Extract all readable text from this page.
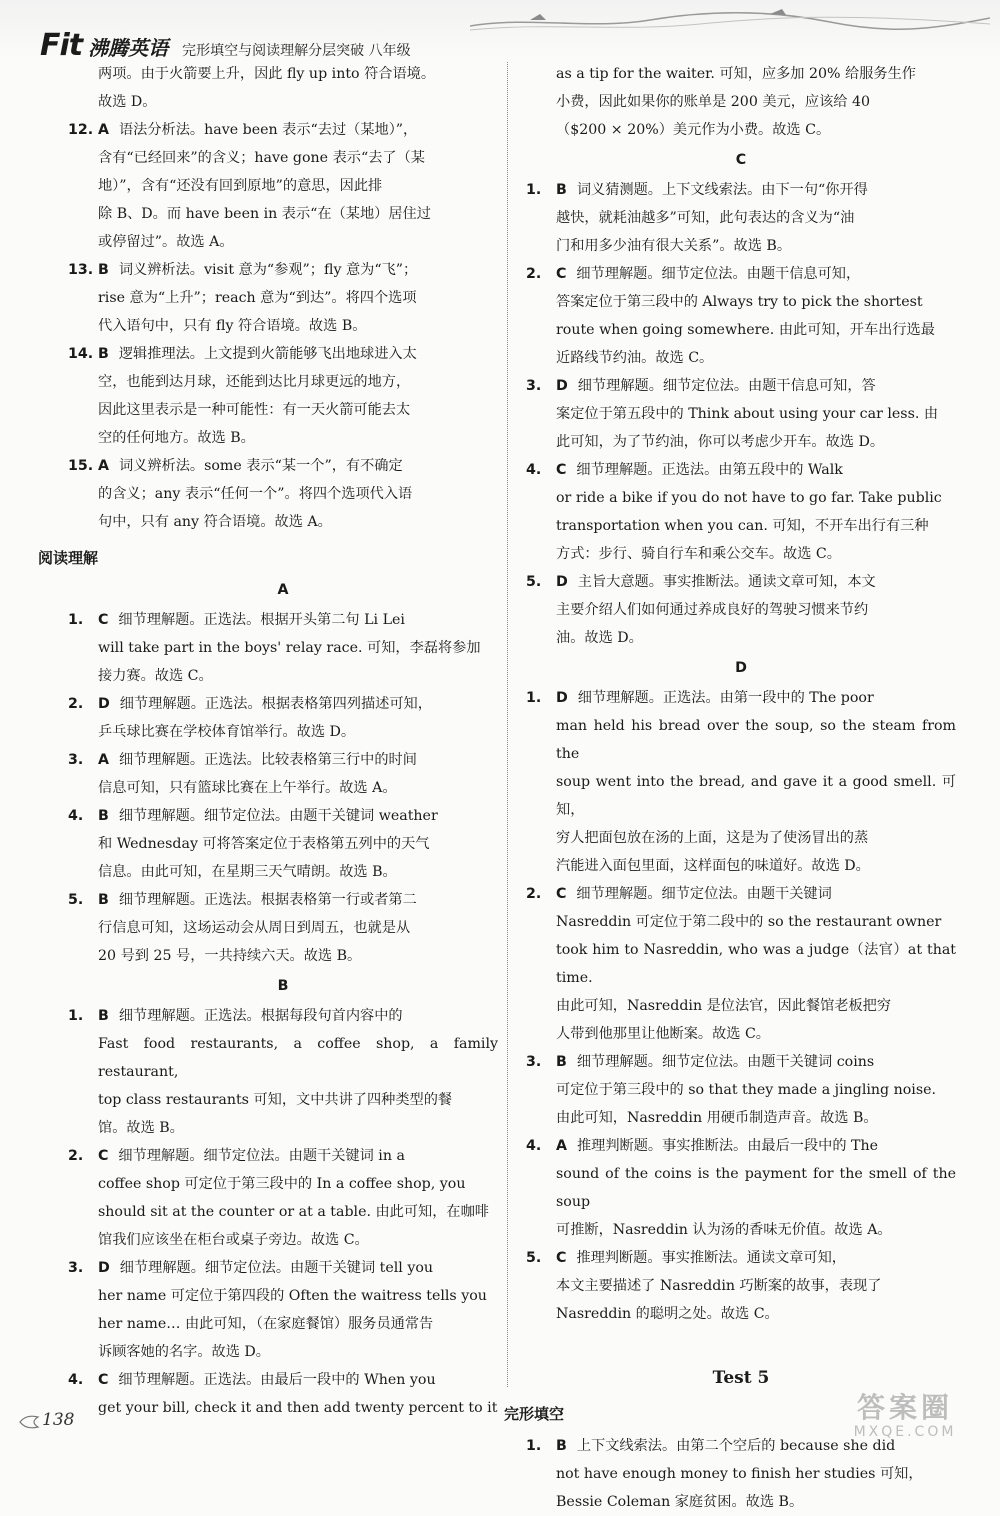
Fit 沸腾英语 完形填空与阅读理解分层突破 八年级
两项。由于火箭要上升，因此 fly up into 符合语境。
故选 D。
12. A 语法分析法。have been 表示“去过（某地）”，
含有“已经回来”的含义；have gone 表示“去了（某
地）”，含有“还没有回到原地”的意思，因此排
除 B、D。而 have been in 表示“在（某地）居住过
或停留过”。故选 A。
13. B 词义辨析法。visit 意为“参观”；fly 意为“飞”；
rise 意为“上升”；reach 意为“到达”。将四个选项
代入语句中，只有 fly 符合语境。故选 B。
14. B 逻辑推理法。上文提到火箭能够飞出地球进入太
空，也能到达月球，还能到达比月球更远的地方，
因此这里表示是一种可能性：有一天火箭可能去太
空的任何地方。故选 B。
15. A 词义辨析法。some 表示“某一个”，有不确定
的含义；any 表示“任何一个”。将四个选项代入语
句中，只有 any 符合语境。故选 A。
阅读理解
A
1.	C 细节理解题。正选法。根据开头第二句 Li Lei
will take part in the boys' relay race. 可知，李磊将参加
接力赛。故选 C。
2.	D 细节理解题。正选法。根据表格第四列描述可知，
乒乓球比赛在学校体育馆举行。故选 D。
3.	A 细节理解题。正选法。比较表格第三行中的时间
信息可知，只有篮球比赛在上午举行。故选 A。
4.	B 细节理解题。细节定位法。由题干关键词 weather
和 Wednesday 可将答案定位于表格第五列中的天气
信息。由此可知，在星期三天气晴朗。故选 B。
5.	B 细节理解题。正选法。根据表格第一行或者第二
行信息可知，这场运动会从周日到周五，也就是从
20 号到 25 号，一共持续六天。故选 B。
B
1.	B 细节理解题。正选法。根据每段句首内容中的
Fast food restaurants, a coffee shop, a family restaurant,
top class restaurants 可知，文中共讲了四种类型的餐
馆。故选 B。
2.	C 细节理解题。细节定位法。由题干关键词 in a
coffee shop 可定位于第三段中的 In a coffee shop, you
should sit at the counter or at a table. 由此可知，在咖啡
馆我们应该坐在柜台或桌子旁边。故选 C。
3.	D 细节理解题。细节定位法。由题干关键词 tell you
her name 可定位于第四段的 Often the waitress tells you
her name… 由此可知，（在家庭餐馆）服务员通常告
诉顾客她的名字。故选 D。
4.	C 细节理解题。正选法。由最后一段中的 When you
get your bill, check it and then add twenty percent to it
as a tip for the waiter. 可知，应多加 20% 给服务生作
小费，因此如果你的账单是 200 美元，应该给 40
（$200 × 20%）美元作为小费。故选 C。
C
1.	B 词义猜测题。上下文线索法。由下一句“你开得
越快，就耗油越多”可知，此句表达的含义为“油
门和用多少油有很大关系”。故选 B。
2.	C 细节理解题。细节定位法。由题干信息可知，
答案定位于第三段中的 Always try to pick the shortest
route when going somewhere. 由此可知，开车出行选最
近路线节约油。故选 C。
3.	D 细节理解题。细节定位法。由题干信息可知，答
案定位于第五段中的 Think about using your car less. 由
此可知，为了节约油，你可以考虑少开车。故选 D。
4.	C 细节理解题。正选法。由第五段中的 Walk
or ride a bike if you do not have to go far. Take public
transportation when you can. 可知，不开车出行有三种
方式：步行、骑自行车和乘公交车。故选 C。
5.	D 主旨大意题。事实推断法。通读文章可知，本文
主要介绍人们如何通过养成良好的驾驶习惯来节约
油。故选 D。
D
1.	D 细节理解题。正选法。由第一段中的 The poor
man held his bread over the soup, so the steam from the
soup went into the bread, and gave it a good smell. 可知，
穷人把面包放在汤的上面，这是为了使汤冒出的蒸
汽能进入面包里面，这样面包的味道好。故选 D。
2.	C 细节理解题。细节定位法。由题干关键词
Nasreddin 可定位于第二段中的 so the restaurant owner
took him to Nasreddin, who was a judge（法官）at that time.
由此可知，Nasreddin 是位法官，因此餐馆老板把穷
人带到他那里让他断案。故选 C。
3.	B 细节理解题。细节定位法。由题干关键词 coins
可定位于第三段中的 so that they made a jingling noise.
由此可知，Nasreddin 用硬币制造声音。故选 B。
4.	A 推理判断题。事实推断法。由最后一段中的 The
sound of the coins is the payment for the smell of the soup
可推断，Nasreddin 认为汤的香味无价值。故选 A。
5.	C 推理判断题。事实推断法。通读文章可知，
本文主要描述了 Nasreddin 巧断案的故事，表现了
Nasreddin 的聪明之处。故选 C。
Test 5
完形填空
1.	B 上下文线索法。由第二个空后的 because she did
not have enough money to finish her studies 可知，
Bessie Coleman 家庭贫困。故选 B。
138	答案圈
MXQE.COM
